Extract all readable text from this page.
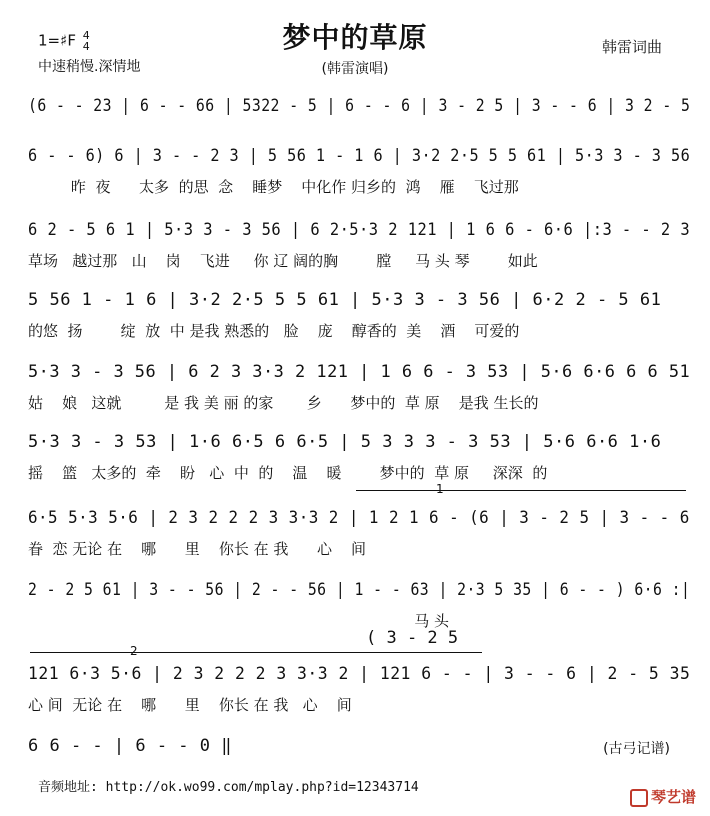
梦中的草原
1=♯F 4
4
中速稍慢.深情地	(韩雷演唱)
韩雷词曲
(6 - - 23 | 6 - - 66 | 5322 - 5 | 6 - - 6 | 3 - 2 5 | 3 - - 6 | 3 2 - 5
6 - - 6) 6 | 3 - - 2 3 | 5 56 1 - 1 6 | 3·2 2·5 5 5 61 | 5·3 3 - 3 56
昨  夜      太多  的思  念    睡梦    中化作 归乡的  鸿    雁    飞过那
6 2 - 5 6 1 | 5·3 3 - 3 56 | 6 2·5·3 2 121 | 1 6 6 - 6·6 |:3 - - 2 3
草场   越过那   山    岗    飞进     你 辽 阔的胸        膛     马 头 琴        如此
5 56 1 - 1 6 | 3·2 2·5 5 5 61 | 5·3 3 - 3 56 | 6·2 2 - 5 61
的悠  扬        绽  放  中 是我 熟悉的   脸    庞    醇香的  美    酒    可爱的
5·3 3 - 3 56 | 6 2 3 3·3 2 121 | 1 6 6 - 3 53 | 5·6 6·6 6 6 51
姑    娘   这就         是 我 美 丽 的家       乡      梦中的  草 原    是我 生长的
5·3 3 - 3 53 | 1·6 6·5 6 6·5 | 5 3 3 3 - 3 53 | 5·6 6·6 1·6
摇    篮   太多的  牵    盼   心  中  的    温    暖        梦中的  草 原     深深  的
1
6·5 5·3 5·6 | 2 3 2 2 2 3 3·3 2 | 1 2 1 6 - (6 | 3 - 2 5 | 3 - - 6
眷  恋 无论 在    哪      里    你长 在 我      心    间
2 - 2 5 61 | 3 - - 56 | 2 - - 56 | 1 - - 63 | 2·3 5 35 | 6 - - ) 6·6 :|
马 头
2
( 3 - 2 5
121 6·3 5·6 | 2 3 2 2 2 3 3·3 2 | 121 6 - - | 3 - - 6 | 2 - 5 35
心 间  无论 在    哪      里    你长 在 我   心    间
6 6 - - | 6 - - 0 ‖	(古弓记谱)
音频地址: http://ok.wo99.com/mplay.php?id=12343714
琴艺谱
